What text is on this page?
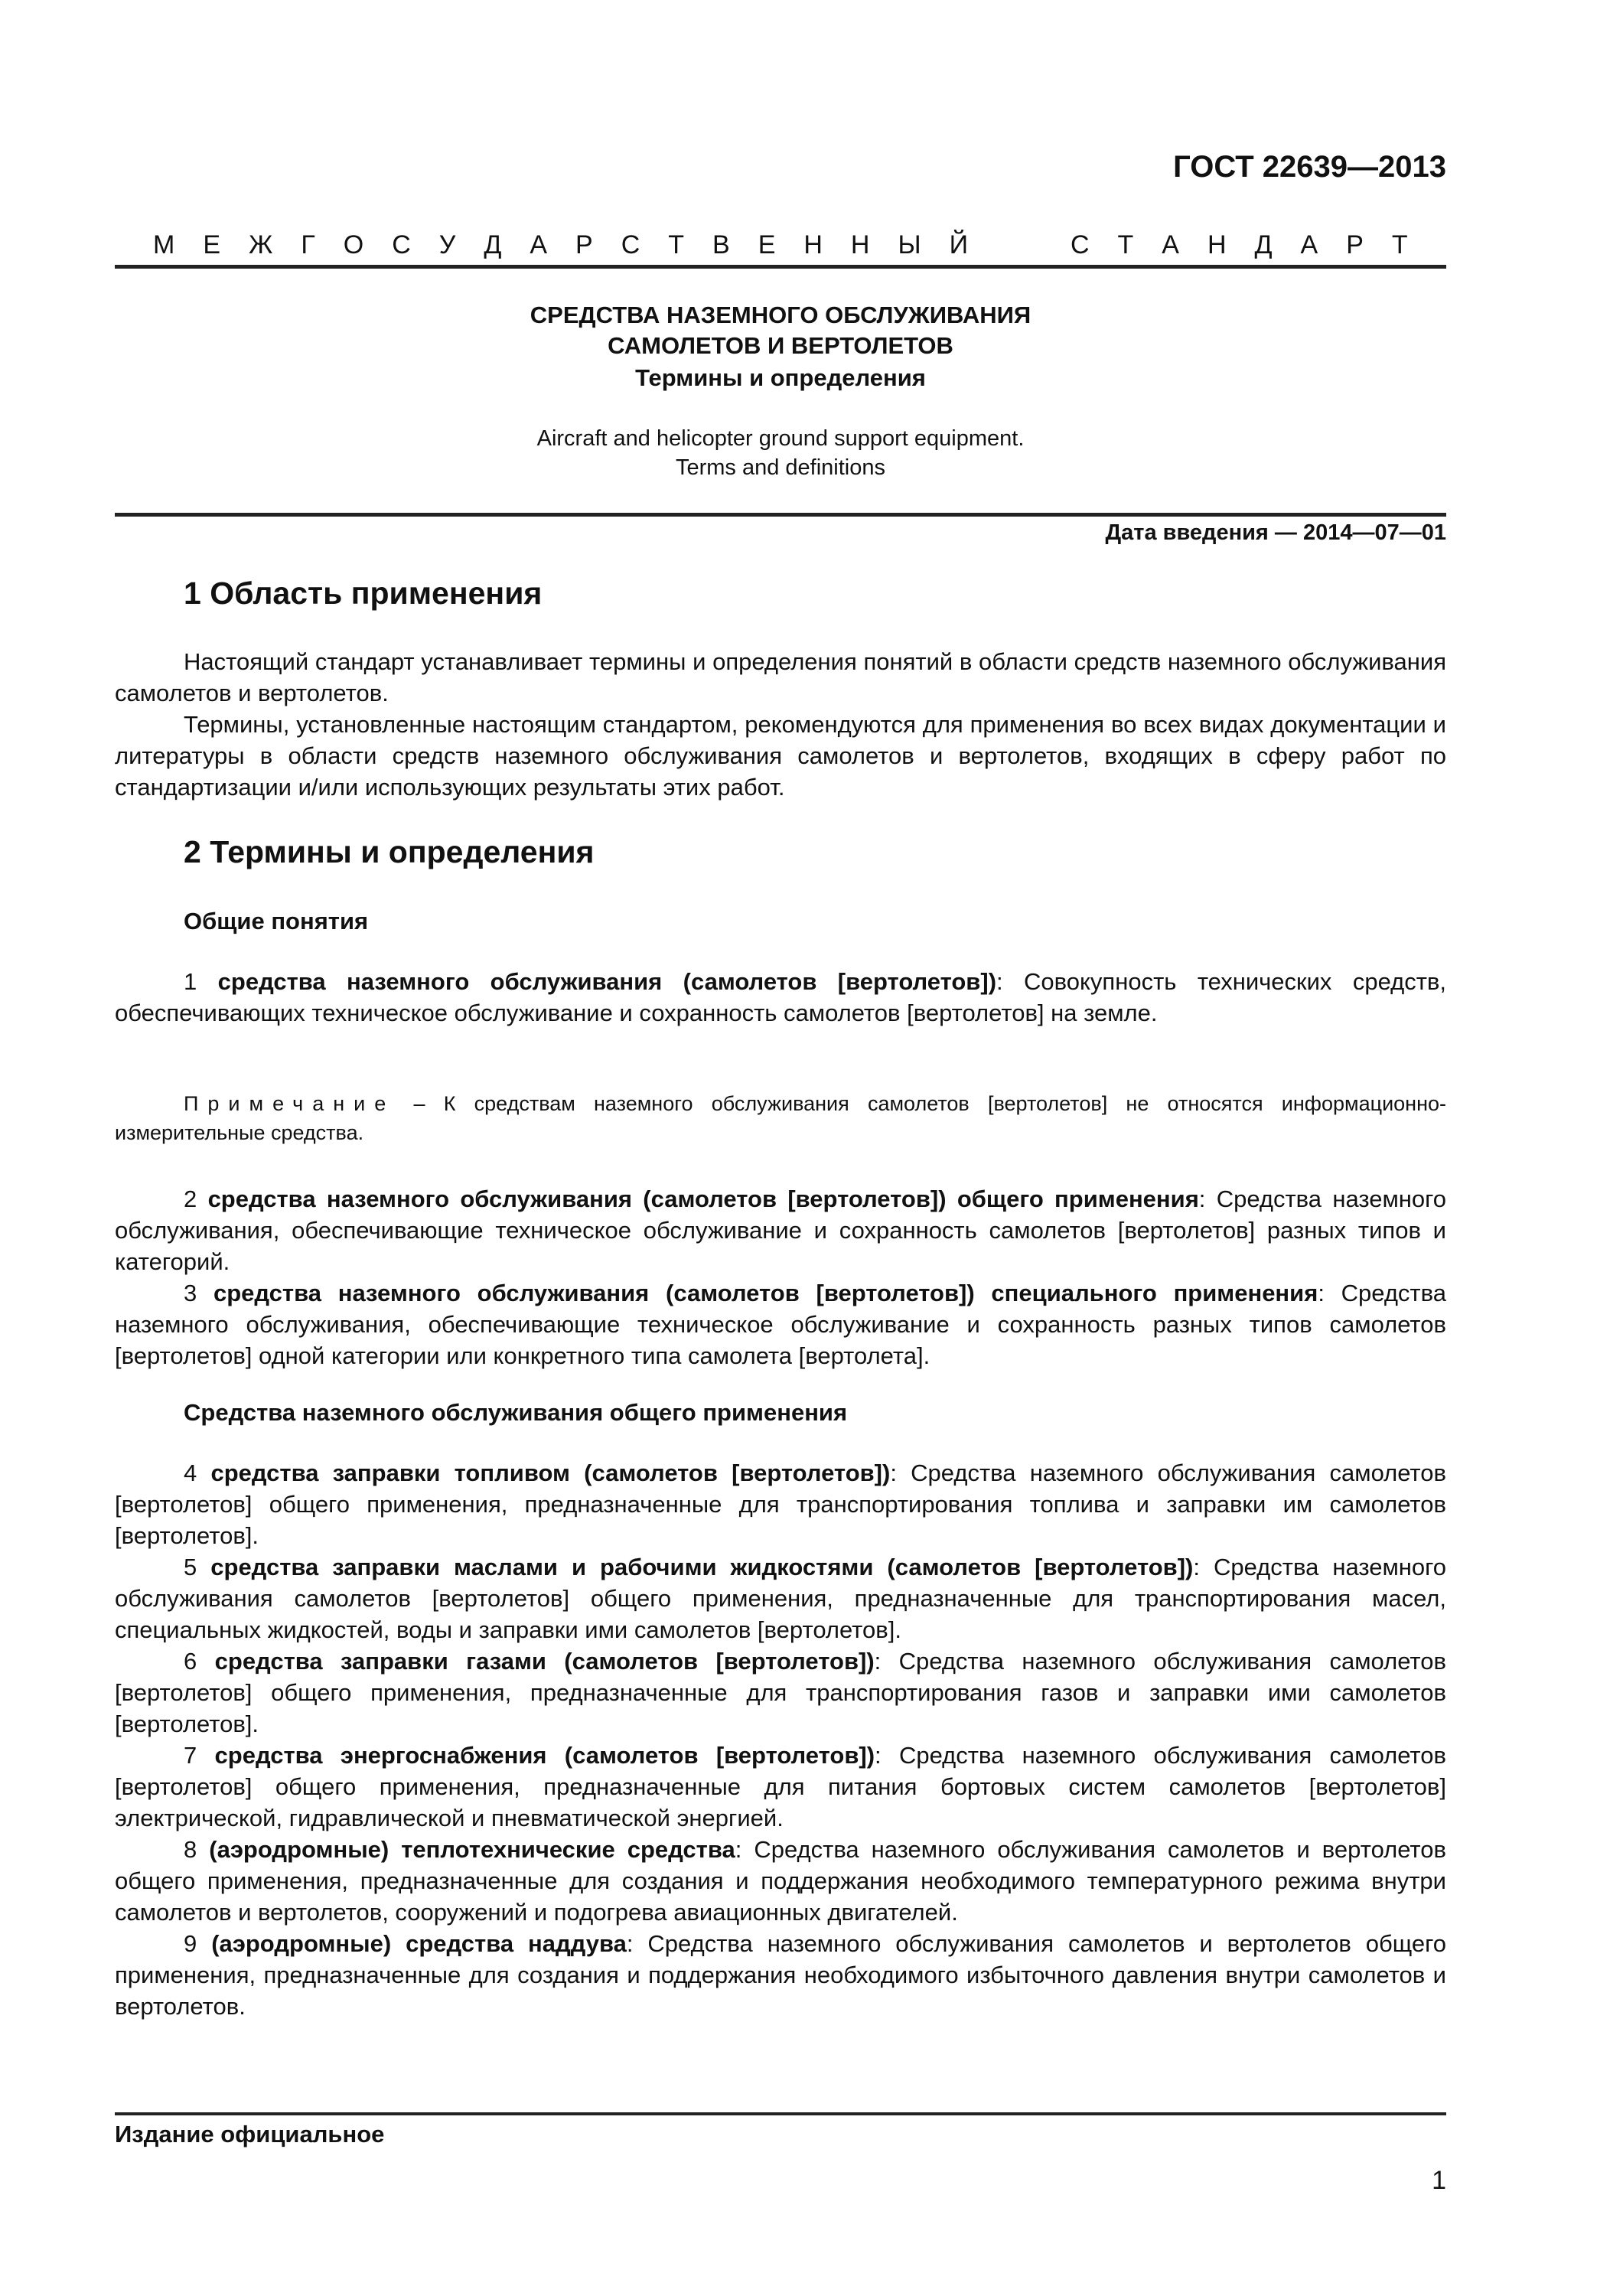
ГОСТ 22639—2013
М Е Ж Г О С У Д А Р С Т В Е Н Н Ы Й	С Т А Н Д А Р Т
СРЕДСТВА НАЗЕМНОГО ОБСЛУЖИВАНИЯ
САМОЛЕТОВ И ВЕРТОЛЕТОВ
Термины и определения
Aircraft and helicopter ground support equipment.
Terms and definitions
Дата введения — 2014—07—01
1 Область применения

Настоящий стандарт устанавливает термины и определения понятий в области средств наземного обслуживания самолетов и вертолетов.

Термины, установленные настоящим стандартом, рекомендуются для применения во всех видах документации и литературы в области средств наземного обслуживания самолетов и вертолетов, входящих в сферу работ по стандартизации и/или использующих результаты этих работ.

2 Термины и определения
Общие понятия

1 средства наземного обслуживания (самолетов [вертолетов]): Совокупность технических средств, обеспечивающих техническое обслуживание и сохранность самолетов [вертолетов] на земле.

Примечание – К средствам наземного обслуживания самолетов [вертолетов] не относятся информационно-измерительные средства.

2 средства наземного обслуживания (самолетов [вертолетов]) общего применения: Средства наземного обслуживания, обеспечивающие техническое обслуживание и сохранность самолетов [вертолетов] разных типов и категорий.

3 средства наземного обслуживания (самолетов [вертолетов]) специального применения: Средства наземного обслуживания, обеспечивающие техническое обслуживание и сохранность разных типов самолетов [вертолетов] одной категории или конкретного типа самолета [вертолета].

Средства наземного обслуживания общего применения

4 средства заправки топливом (самолетов [вертолетов]): Средства наземного обслуживания самолетов [вертолетов] общего применения, предназначенные для транспортирования топлива и заправки им самолетов [вертолетов].

5 средства заправки маслами и рабочими жидкостями (самолетов [вертолетов]): Средства наземного обслуживания самолетов [вертолетов] общего применения, предназначенные для транспортирования масел, специальных жидкостей, воды и заправки ими самолетов [вертолетов].

6 средства заправки газами (самолетов [вертолетов]): Средства наземного обслуживания самолетов [вертолетов] общего применения, предназначенные для транспортирования газов и заправки ими самолетов [вертолетов].

7 средства энергоснабжения (самолетов [вертолетов]): Средства наземного обслуживания самолетов [вертолетов] общего применения, предназначенные для питания бортовых систем самолетов [вертолетов] электрической, гидравлической и пневматической энергией.

8 (аэродромные) теплотехнические средства: Средства наземного обслуживания самолетов и вертолетов общего применения, предназначенные для создания и поддержания необходимого температурного режима внутри самолетов и вертолетов, сооружений и подогрева авиационных двигателей.

9 (аэродромные) средства наддува: Средства наземного обслуживания самолетов и вертолетов общего применения, предназначенные для создания и поддержания необходимого избыточного давления внутри самолетов и вертолетов.

Издание официальное
1
